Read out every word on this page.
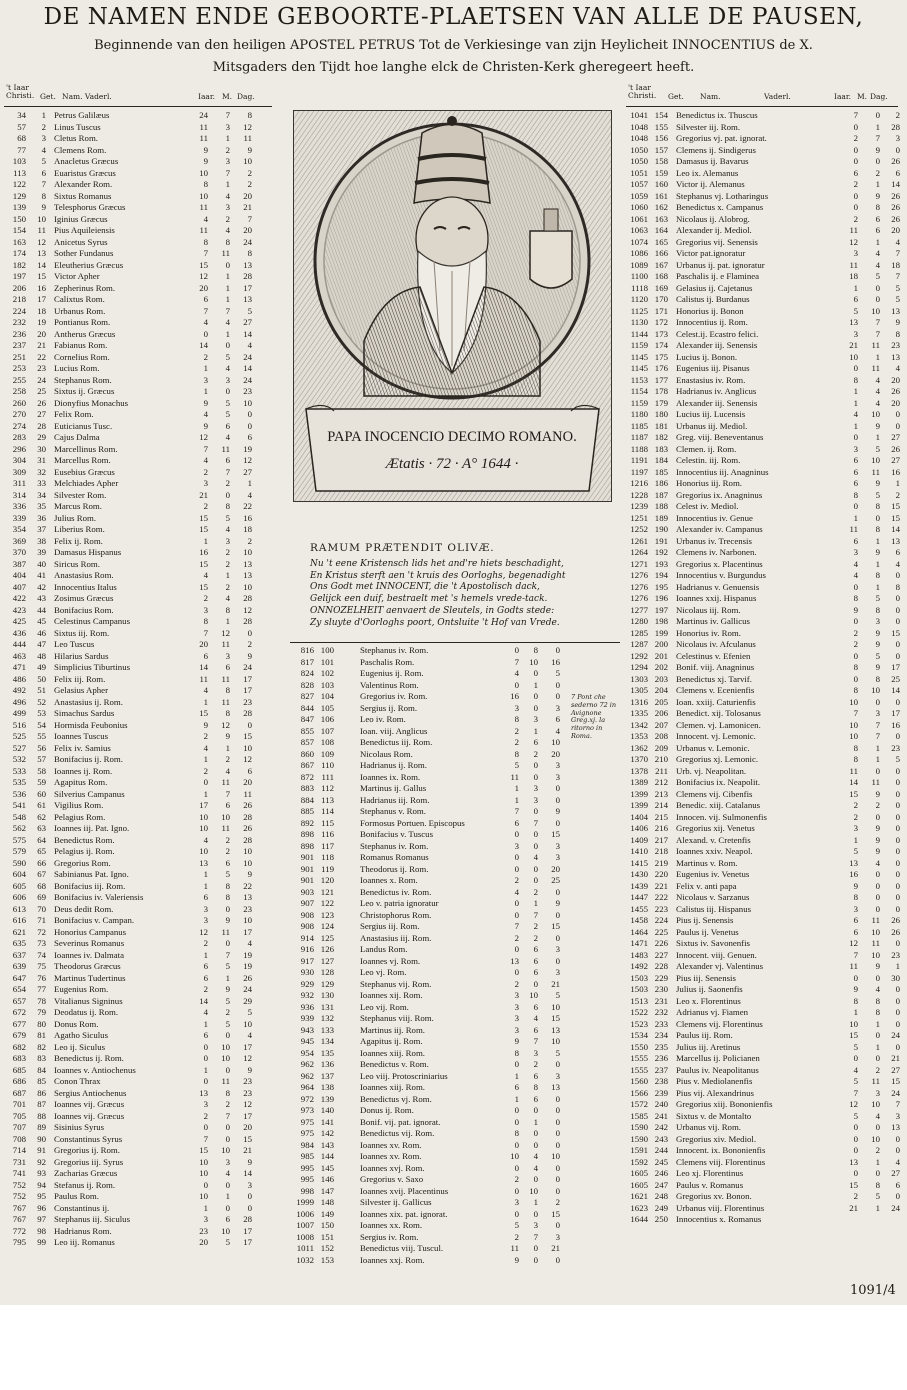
DE NAMEN ENDE GEBOORTE-PLAETSEN VAN ALLE DE PAUSEN,
Beginnende van den heiligen APOSTEL PETRUS Tot de Verkiesinge van zijn Heylicheit INNOCENTIUS de X.
Mitsgaders den Tijdt hoe langhe elck de Christen-Kerk gheregeert heeft.
't Iaar Christi. Get. Nam. Vaderl.	Iaar. M. Dag.
't Iaar Christi.	Get. Nam.	Vaderl.	Iaar. M. Dag.
34	1 Petrus Galilæus	24	7	8
57	2 Linus Tuscus	11	3	12
68	3 Cletus Rom.	11	1	11
77	4 Clemens Rom.	9	2	9
103	5 Anacletus Græcus	9	3	10
113	6 Euaristus Græcus	10	7	2
122	7 Alexander Rom.	8	1	2
129	8 Sixtus Romanus	10	4	20
139	9 Telesphorus Græcus	11	3	21
150	10 Iginius Græcus	4	2	7
154	11 Pius Aquileiensis	11	4	20
163	12 Anicetus Syrus	8	8	24
174	13 Sother Fundanus	7	11	8
182	14 Eleutherius Græcus	15	0	13
197	15 Victor Apher	12	1	28
206	16 Zepherinus Rom.	20	1	17
218	17 Calixtus Rom.	6	1	13
224	18 Urbanus Rom.	7	7	5
232	19 Pontianus Rom.	4	4	27
236	20 Antherus Græcus	0	1	14
237	21 Fabianus Rom.	14	0	4
251	22 Cornelius Rom.	2	5	24
253	23 Lucius Rom.	1	4	14
255	24 Stephanus Rom.	3	3	24
258	25 Sixtus ij. Græcus	1	0	23
260	26 Dionyfius Monachus	9	5	10
270	27 Felix Rom.	4	5	0
274	28 Euticianus Tusc.	9	6	0
283	29 Cajus Dalma	12	4	6
296	30 Marcellinus Rom.	7	11	19
304	31 Marcellus Rom.	4	6	12
309	32 Eusebius Græcus	2	7	27
311	33 Melchiades Apher	3	2	1
314	34 Silvester Rom.	21	0	4
336	35 Marcus Rom.	2	8	22
339	36 Julius Rom.	15	5	16
354	37 Liberius Rom.	15	4	18
369	38 Felix ij. Rom.	1	3	2
370	39 Damasus Hispanus	16	2	10
387	40 Siricus Rom.	15	2	13
404	41 Anastasius Rom.	4	1	13
407	42 Innocentius Italus	15	2	10
422	43 Zosimus Græcus	2	4	28
423	44 Bonifacius Rom.	3	8	12
425	45 Celestinus Campanus	8	1	28
436	46 Sixtus iij. Rom.	7	12	0
444	47 Leo Tuscus	20	11	2
463	48 Hilarius Sardus	6	3	9
471	49 Simplicius Tiburtinus	14	6	24
486	50 Felix iij. Rom.	11	11	17
492	51 Gelasius Apher	4	8	17
496	52 Anastasius ij. Rom.	1	11	23
499	53 Simachus Sardus	15	8	28
516	54 Hormisda Feubonius	9	12	0
525	55 Ioannes Tuscus	2	9	15
527	56 Felix iv. Samius	4	1	10
532	57 Bonifacius ij. Rom.	1	2	12
533	58 Ioannes ij. Rom.	2	4	6
535	59 Agapitus Rom.	0	11	20
536	60 Silverius Campanus	1	7	11
541	61 Vigilius Rom.	17	6	26
548	62 Pelagius Rom.	10	10	28
562	63 Ioannes iij. Pat. Igno.	10	11	26
575	64 Benedictus Rom.	4	2	28
579	65 Pelagius ij. Rom.	10	2	10
590	66 Gregorius Rom.	13	6	10
604	67 Sabinianus Pat. Igno.	1	5	9
605	68 Bonifacius iij. Rom.	1	8	22
606	69 Bonifacius iv. Valeriensis	6	8	13
613	70 Deus dedit Rom.	3	0	23
616	71 Bonifacius v. Campan.	3	9	10
621	72 Honorius Campanus	12	11	17
635	73 Severinus Romanus	2	0	4
637	74 Ioannes iv. Dalmata	1	7	19
639	75 Theodorus Græcus	6	5	19
647	76 Martinus Tudertinus	6	1	26
654	77 Eugenius Rom.	2	9	24
657	78 Vitalianus Signinus	14	5	29
672	79 Deodatus ij. Rom.	4	2	5
677	80 Donus Rom.	1	5	10
679	81 Agatho Siculus	6	0	4
682	82 Leo ij. Siculus	0	10	17
683	83 Benedictus ij. Rom.	0	10	12
685	84 Ioannes v. Antiochenus	1	0	9
686	85 Conon Thrax	0	11	23
687	86 Sergius Antiochenus	13	8	23
701	87 Ioannes vij. Græcus	3	2	12
705	88 Ioannes vij. Græcus	2	7	17
707	89 Sisinius Syrus	0	0	20
708	90 Constantinus Syrus	7	0	15
714	91 Gregorius ij. Rom.	15	10	21
731	92 Gregorius iij. Syrus	10	3	9
741	93 Zacharias Græcus	10	4	14
752	94 Stefanus ij. Rom.	0	0	3
752	95 Paulus Rom.	10	1	0
767	96 Constantinus ij.	1	0	0
767	97 Stephanus iij. Siculus	3	6	28
772	98 Hadrianus Rom.	23	10	17
795	99 Leo iij. Romanus	20	5	17
816 100	Stephanus iv. Rom.	0	8	0
817 101	Paschalis Rom.	7	10	16
824 102	Eugenius ij. Rom.	4	0	5
828 103	Valentinus Rom.	0	1	0
827 104	Gregorius iv. Rom.	16	0	0
844 105	Sergius ij. Rom.	3	0	3
847 106	Leo iv. Rom.	8	3	6
855 107	Ioan. viij. Anglicus	2	1	4
857 108	Benedictus iij. Rom.	2	6	10
860 109	Nicolaus Rom.	8	2	20
867 110	Hadrianus ij. Rom.	5	0	3
872 111	Ioannes ix. Rom.	11	0	3
883 112	Martinus ij. Gallus	1	3	0
884 113	Hadrianus iij. Rom.	1	3	0
885 114	Stephanus v. Rom.	7	0	9
892 115	Formosus Portuen. Episcopus	6	7	0
898 116	Bonifacius v. Tuscus	0	0	15
898 117	Stephanus iv. Rom.	3	0	3
901 118	Romanus Romanus	0	4	3
901 119	Theodorus ij. Rom.	0	0	20
901 120	Ioannes x. Rom.	2	0	25
903 121	Benedictus iv. Rom.	4	2	0
907 122	Leo v. patria ignoratur	0	1	9
908 123	Christophorus Rom.	0	7	0
908 124	Sergius iij. Rom.	7	2	15
914 125	Anastasius iij. Rom.	2	2	0
916 126	Landus Rom.	0	6	3
917 127	Ioannes vj. Rom.	13	6	0
930 128	Leo vj. Rom.	0	6	3
929 129	Stephanus vij. Rom.	2	0	21
932 130	Ioannes xij. Rom.	3	10	5
936 131	Leo vij. Rom.	3	6	10
939 132	Stephanus viij. Rom.	3	4	15
943 133	Martinus iij. Rom.	3	6	13
945 134	Agapitus ij. Rom.	9	7	10
954 135	Ioannes xiij. Rom.	8	3	5
962 136	Benedictus v. Rom.	0	2	0
962 137	Leo viij. Protoscriniarius	1	6	3
964 138	Ioannes xiij. Rom.	6	8	13
972 139	Benedictus vj. Rom.	1	6	0
973 140	Donus ij. Rom.	0	0	0
975 141	Bonif. vij. pat. ignorat.	0	1	0
975 142	Benedictus vij. Rom.	8	0	0
984 143	Ioannes xv. Rom.	0	0	0
985 144	Ioannes xv. Rom.	10	4	10
995 145	Ioannes xvj. Rom.	0	4	0
995 146	Gregorius v. Saxo	2	0	0
998 147	Ioannes xvij. Placentinus	0	10	0
1999 148	Silvester ij. Gallicus	3	1	2
1006 149	Ioannes xix. pat. ignorat.	0	0	15
1007 150	Ioannes xx. Rom.	5	3	0
1008 151	Sergius iv. Rom.	2	7	3
1011 152	Benedictus viij. Tuscul.	11	0	21
1032 153	Ioannes xxj. Rom.	9	0	0
1041 154 Benedictus ix. Thuscus	7	0	2
1048 155 Silvester iij. Rom.	0	1	28
1048 156 Gregorius vj. pat. ignorat.	2	7	3
1050 157 Clemens ij. Sindigerus	0	9	0
1050 158 Damasus ij. Bavarus	0	0	26
1051 159 Leo ix. Alemanus	6	2	6
1057 160 Victor ij. Alemanus	2	1	14
1059 161 Stephanus vj. Lotharingus	0	9	26
1060 162 Benedictus x. Campanus	0	8	26
1061 163 Nicolaus ij. Alobrog.	2	6	26
1063 164 Alexander ij. Mediol.	11	6	20
1074 165 Gregorius vij. Senensis	12	1	4
1086 166 Victor pat.ignoratur	3	4	7
1089 167 Urbanus ij. pat. ignoratur	11	4	18
1100 168 Paschalis ij. e Flaminea	18	5	7
1118 169 Gelasius ij. Cajetanus	1	0	5
1120 170 Calistus ij. Burdanus	6	0	5
1125 171 Honorius ij. Bonon	5	10	13
1130 172 Innocentius ij. Rom.	13	7	9
1144 173 Celest.ij. Ecastro felici.	3	7	8
1159 174 Alexander iij. Senensis	21	11	23
1145 175 Lucius ij. Bonon.	10	1	13
1145 176 Eugenius iij. Pisanus	0	11	4
1153 177 Enastasius iv. Rom.	8	4	20
1154 178 Hadrianus iv. Anglicus	1	4	26
1159 179 Alexander iij. Senensis	1	4	20
1180 180 Lucius iij. Lucensis	4	10	0
1185 181 Urbanus iij. Mediol.	1	9	0
1187 182 Greg. viij. Beneventanus	0	1	27
1188 183 Clemen. ij. Rom.	3	5	26
1191 184 Celestin. iij. Rom.	6	10	27
1197 185 Innocentius iij. Anagninus	6	11	16
1216 186 Honorius iij. Rom.	6	9	1
1228 187 Gregorius ix. Anagninus	8	5	2
1239 188 Celest iv. Mediol.	0	8	15
1251 189 Innocentius iv. Genue	1	0	15
1252 190 Alexander iv. Campanus	11	8	14
1261 191 Urbanus iv. Trecensis	6	1	13
1264 192 Clemens iv. Narbonen.	3	9	6
1271 193 Gregorius x. Placentinus	4	1	4
1276 194 Innocentius v. Burgundus	4	8	0
1276 195 Hadrianus v. Genuensis	0	1	8
1276 196 Ioannes xxij. Hispanus	8	5	0
1277 197 Nicolaus iij. Rom.	9	8	0
1280 198 Martinus iv. Gallicus	0	3	0
1285 199 Honorius iv. Rom.	2	9	15
1287 200 Nicolaus iv. Afculanus	2	9	0
1292 201 Celestinus v. Efenien	0	5	0
1294 202 Bonif. viij. Anagninus	8	9	17
1303 203 Benedictus xj. Tarvif.	0	8	25
1305 204 Clemens v. Ecenienfis	8	10	14
1316 205 Ioan. xxiij. Caturienfis	10	0	0
1335 206 Benedict. xij. Tolosanus	7	3	17
1342 207 Clemen. vj. Lamonicen.	10	7	16
1353 208 Innocent. vj. Lemonic.	10	7	0
1362 209 Urbanus v. Lemonic.	8	1	23
1370 210 Gregorius xj. Lemonic.	8	1	5
1378 211 Urb. vj. Neapolitan.	11	0	0
1389 212 Bonifacius ix. Neapolit.	14	11	0
1399 213 Clemens vij. Cibenfis	15	9	0
1399 214 Benedic. xiij. Catalanus	2	2	0
1404 215 Innocen. vij. Sulmonenfis	2	0	0
1406 216 Gregorius xij. Venetus	3	9	0
1409 217 Alexand. v. Cretenfis	1	9	0
1410 218 Ioannes xxiv. Neapol.	5	9	0
1415 219 Martinus v. Rom.	13	4	0
1430 220 Eugenius iv. Venetus	16	0	0
1439 221 Felix v. anti papa	9	0	0
1447 222 Nicolaus v. Sarzanus	8	0	0
1455 223 Calistus iij. Hispanus	3	0	0
1458 224 Pius ij. Senensis	6	11	26
1464 225 Paulus ij. Venetus	6	10	26
1471 226 Sixtus iv. Savonenfis	12	11	0
1483 227 Innocent. viij. Genuen.	7	10	23
1492 228 Alexander vj. Valentinus	11	9	1
1503 229 Pius iij. Senensis	0	0	30
1503 230 Julius ij. Saonenfis	9	4	0
1513 231 Leo x. Florentinus	8	8	0
1522 232 Adrianus vj. Fiamen	1	8	0
1523 233 Clemens vij. Florentinus	10	1	0
1534 234 Paulus iij. Rom.	15	0	24
1550 235 Julius iij. Aretinus	5	1	0
1555 236 Marcellus ij. Policianen	0	0	21
1555 237 Paulus iv. Neapolitanus	4	2	27
1560 238 Pius v. Mediolanenfis	5	11	15
1566 239 Pius vij. Alexandrinus	7	3	24
1572 240 Gregorius xiij. Bononienfis	12	10	7
1585 241 Sixtus v. de Montalto	5	4	3
1590 242 Urbanus vij. Rom.	0	0	13
1590 243 Gregorius xiv. Mediol.	0	10	0
1591 244 Innocent. ix. Bononienfis	0	2	0
1592 245 Clemens viij. Florentinus	13	1	4
1605 246 Leo xj. Florentinus	0	0	27
1605 247 Paulus v. Romanus	15	8	6
1621 248 Gregorius xv. Bonon.	2	5	0
1623 249 Urbanus viij. Florentinus	21	1	24
1644 250 Innocentius x. Romanus
PAPA INOCENCIO DECIMO ROMANO.
Ætatis · 72 · A° 1644 ·
RAMUM PRÆTENDIT OLIVÆ.
Nu 't eene Kristensch lids het and're hiets beschadight,
En Kristus sterft aen 't kruis des Oorloghs, begenadight
Ons Godt met INNOCENT, die 't Apostolisch dack,
Gelijck een duif, bestraelt met 's hemels vrede-tack.
ONNOZELHEIT aenvaert de Sleutels, in Godts stede:
Zy sluyte d'Oorloghs poort, Ontsluite 't Hof van Vrede.
7 Pont che sederno 72 in Avignone Greg.xj. la ritorno in Roma.
1091/4
